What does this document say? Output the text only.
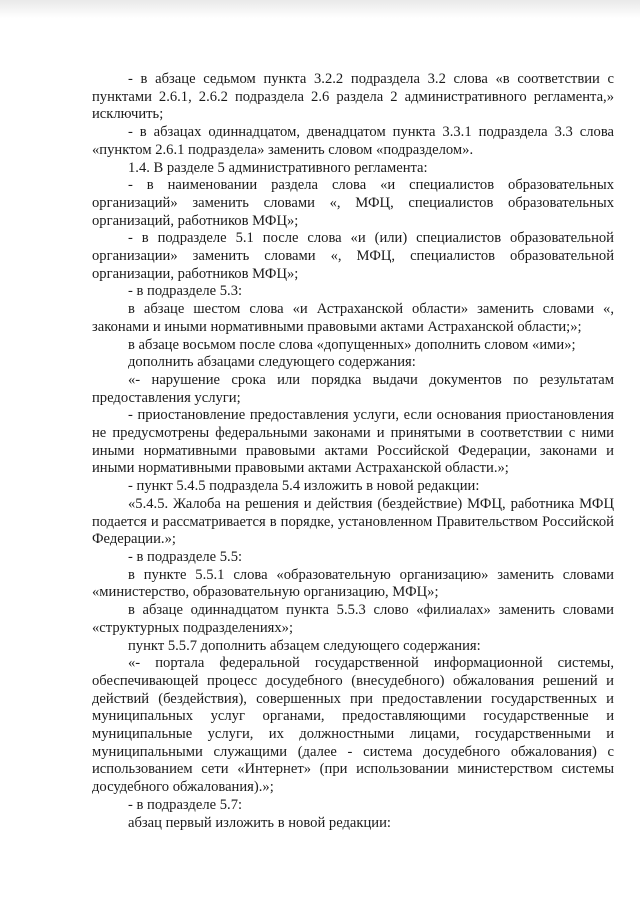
- в абзаце седьмом пункта 3.2.2 подраздела 3.2 слова «в соответствии с пунктами 2.6.1, 2.6.2 подраздела 2.6 раздела 2 административного регламента,» исключить;

- в абзацах одиннадцатом, двенадцатом пункта 3.3.1 подраздела 3.3 слова «пунктом 2.6.1 подраздела» заменить словом «подразделом».

1.4. В разделе 5 административного регламента:

- в наименовании раздела слова «и специалистов образовательных организаций» заменить словами «, МФЦ, специалистов образовательных организаций, работников МФЦ»;

- в подразделе 5.1 после слова «и (или) специалистов образовательной организации» заменить словами «, МФЦ, специалистов образовательной организации, работников МФЦ»;

- в подразделе 5.3:

в абзаце шестом слова «и Астраханской области» заменить словами «, законами и иными нормативными правовыми актами Астраханской области;»;

в абзаце восьмом после слова «допущенных» дополнить словом «ими»;

дополнить абзацами следующего содержания:

«- нарушение срока или порядка выдачи документов по результатам предоставления услуги;

- приостановление предоставления услуги, если основания приостановления не предусмотрены федеральными законами и принятыми в соответствии с ними иными нормативными правовыми актами Российской Федерации, законами и иными нормативными правовыми актами Астраханской области.»;

- пункт 5.4.5 подраздела 5.4 изложить в новой редакции:

«5.4.5. Жалоба на решения и действия (бездействие) МФЦ, работника МФЦ подается и рассматривается в порядке, установленном Правительством Российской Федерации.»;

- в подразделе 5.5:

в пункте 5.5.1 слова «образовательную организацию» заменить словами «министерство, образовательную организацию, МФЦ»;

в абзаце одиннадцатом пункта 5.5.3 слово «филиалах» заменить словами «структурных подразделениях»;

пункт 5.5.7 дополнить абзацем следующего содержания:

«- портала федеральной государственной информационной системы, обеспечивающей процесс досудебного (внесудебного) обжалования решений и действий (бездействия), совершенных при предоставлении государственных и муниципальных услуг органами, предоставляющими государственные и муниципальные услуги, их должностными лицами, государственными и муниципальными служащими (далее - система досудебного обжалования) с использованием сети «Интернет» (при использовании министерством системы досудебного обжалования).»;

- в подразделе 5.7:

абзац первый изложить в новой редакции:
